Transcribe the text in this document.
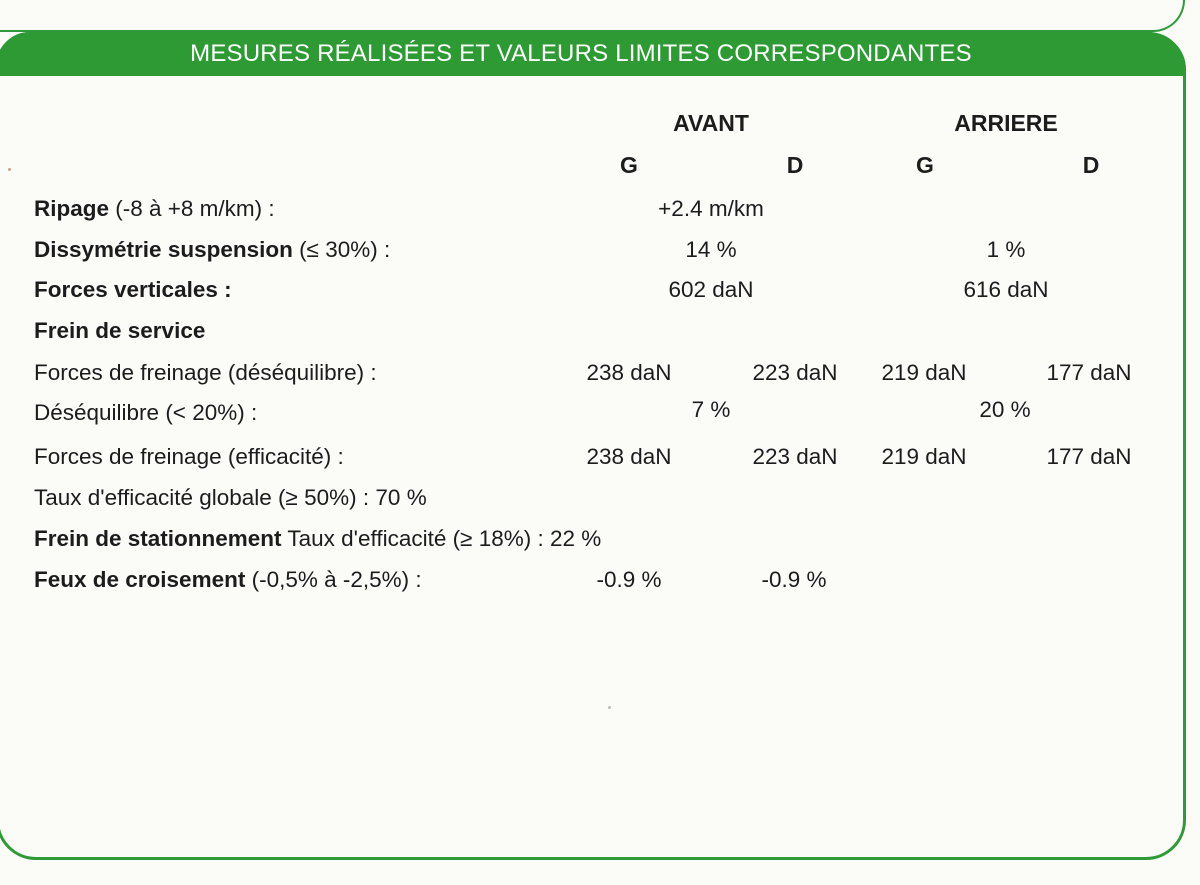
MESURES RÉALISÉES ET VALEURS LIMITES CORRESPONDANTES
AVANT	ARRIERE
G	D	G	D
Ripage (-8 à +8 m/km) :	+2.4 m/km
Dissymétrie suspension (≤ 30%) :	14 %	1 %
Forces verticales :	602 daN	616 daN
Frein de service
Forces de freinage (déséquilibre) :	238 daN	223 daN 219 daN	177 daN
Déséquilibre (< 20%) :	7 %	20 %
Forces de freinage (efficacité) :	238 daN	223 daN 219 daN	177 daN
Taux d'efficacité globale (≥ 50%) : 70 %
Frein de stationnement Taux d'efficacité (≥ 18%) : 22 %
Feux de croisement (-0,5% à -2,5%) :	-0.9 %	-0.9 %
